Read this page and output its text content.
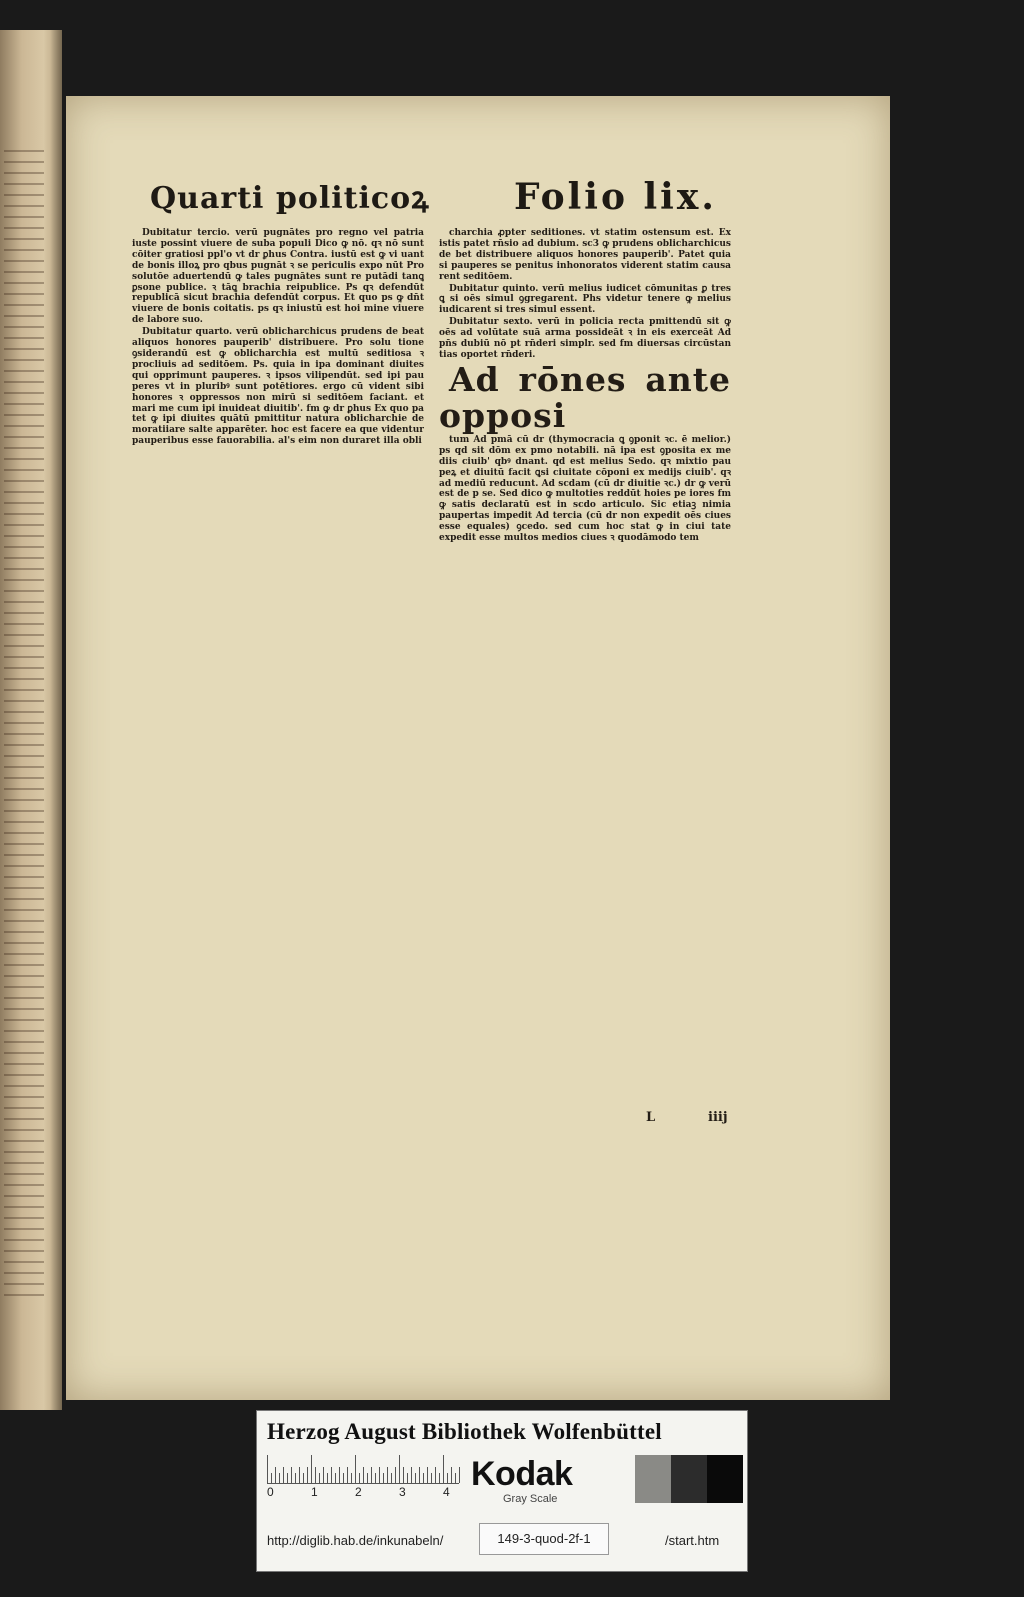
Quarti politicoꝝ Folio lix.

Dubitatur tercio. verū pugnātes pro regno vel patria iuste possint viuere de suba populi Dico ꝙ nō. qꝛ nō sunt cōiter gratiosi ppl'o vt dr ꝑhus Contra. iustū est ꝙ vi uant de bonis illoꝝ pro qbus pugnāt ꝛ se periculis expo nūt Pro solutōe aduertendū ꝙ tales pugnātes sunt re putādi tanꝗ ꝑsone publice. ꝛ tāꝗ brachia reipublice. Ps qꝛ defendūt republicā sicut brachia defendūt corpus. Et quo ps ꝙ dn̄t viuere de bonis coitatis. ps qꝛ iniustū est hoi mine viuere de labore suo.

Dubitatur quarto. verū oblicharchicus prudens de beat aliquos honores pauperib' distribuere. Pro solu tione ꝯsiderandū est ꝙ oblicharchia est multū seditiosa ꝛ procliuis ad seditōem. Ps. quia in ipa dominant diuites qui opprimunt pauperes. ꝛ ipsos vilipendūt. sed ipi pau peres vt in pluribꝰ sunt potētiores. ergo cū vident sibi honores ꝛ oppressos non mirū si seditōem faciant. et mari me cum ipi inuideat diuitib'. fm ꝙ dr ꝑhus Ex quo pa tet ꝙ ipi diuites quātū pmittitur natura oblicharchie de moratiiare salte apparēter. hoc est facere ea que videntur pauperibus esse fauorabilia. al's eim non duraret illa obli

charchia ꝓpter seditiones. vt statim ostensum est. Ex istis patet rn̄sio ad dubium. sc3 ꝙ prudens oblicharchicus de bet distribuere aliquos honores pauperib'. Patet quia si pauperes se penitus inhonoratos viderent statim causa rent seditōem.

Dubitatur quinto. verū melius iudicet cōmunitas ꝑ tres ꝗ si oēs simul ꝯgregarent. Phs videtur tenere ꝙ melius iudicarent si tres simul essent.

Dubitatur sexto. verū in policia recta pmittendū sit ꝙ oēs ad volūtate suā arma possideāt ꝛ in eis exerceāt Ad pn̄s dubiū nō pt rn̄deri simplr. sed fm diuersas circūstan tias oportet rn̄deri.

Ad rōnes ante opposi

tum Ad pmā cū dr (thymocracia ꝗ ꝯponit ꝛc. ē melior.) ps qd sit dōm ex pmo notabili. nā ipa est ꝯposita ex me diis ciuib' qbꝰ dnant. qd est melius Sedo. qꝛ mixtio pau peꝝ et diuitū facit ꝗsi ciuitate cōponi ex medijs ciuib'. qꝛ ad mediū reducunt. Ad scdam (cū dr diuitie ꝛc.) dr ꝙ verū est de p se. Sed dico ꝙ multoties reddūt hoies pe iores fm ꝙ satis declaratū est in scdo articulo. Sic etiaꝫ nimia paupertas impedit Ad tercia (cū dr non expedit oēs ciues esse equales) ꝯcedo. sed cum hoc stat ꝙ in ciui tate expedit esse multos medios ciues ꝛ quodāmodo tem

L	iiij
Herzog August Bibliothek Wolfenbüttel
0	1	2	3	4 Kodak
Gray Scale
http://diglib.hab.de/inkunabeln/	149-3-quod-2f-1	/start.htm
